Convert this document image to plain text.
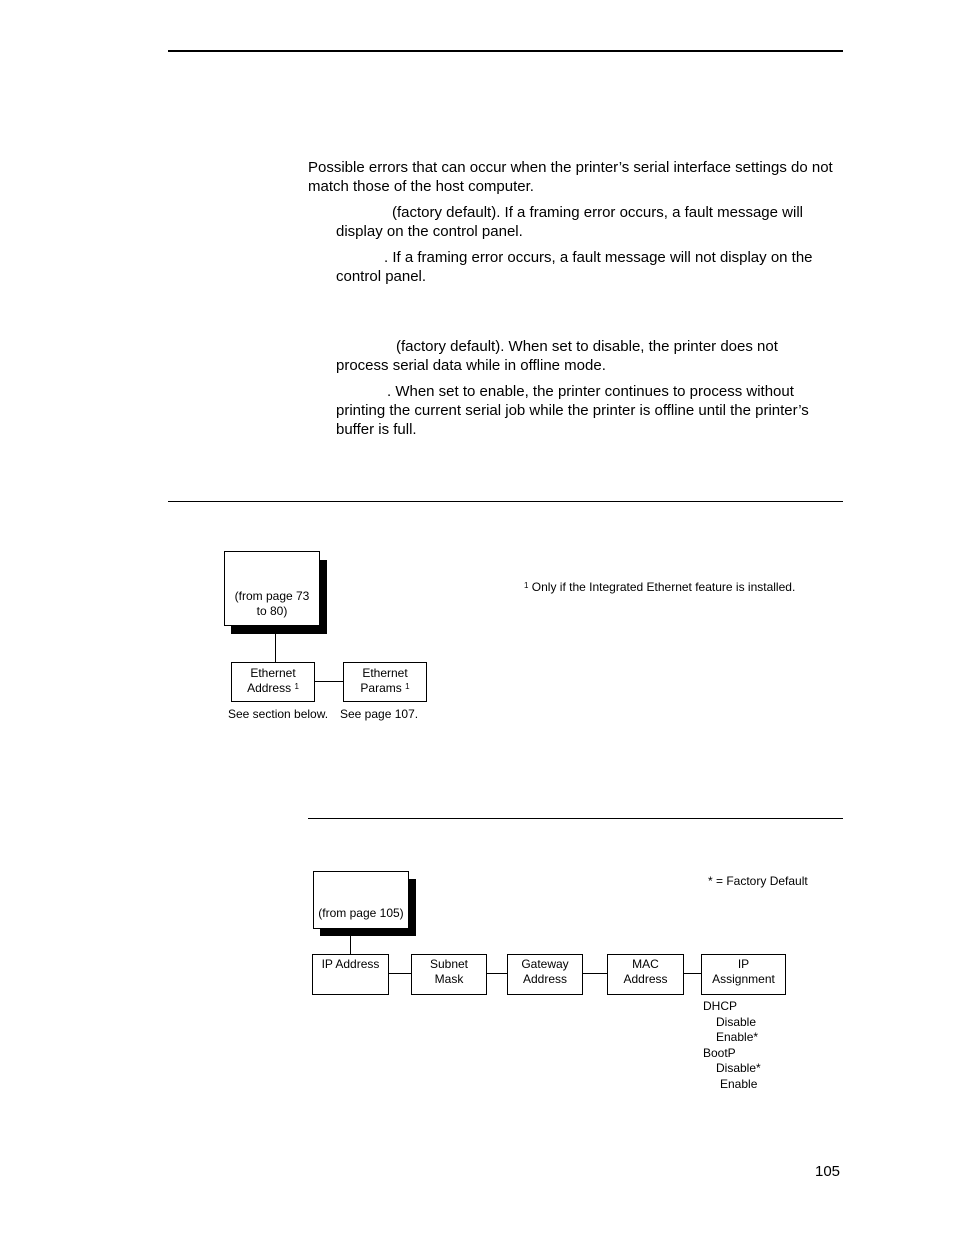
Possible errors that can occur when the printer’s serial interface settings do not match those of the host computer.
(factory default). If a framing error occurs, a fault message will display on the control panel.
. If a framing error occurs, a fault message will not display on the control panel.
(factory default). When set to disable, the printer does not process serial data while in offline mode.
. When set to enable, the printer continues to process without printing the current serial job while the printer is offline until the printer’s buffer is full.
(from page 73 to 80)
Ethernet
Address $^1$
Ethernet
Params $^1$
See section below. See page 107.
$^1$ Only if the Integrated Ethernet feature is installed.
* = Factory Default
(from page 105)
IP Address	Subnet
Mask
Gateway
Address
MAC
Address
IP
Assignment
DHCP
Disable
Enable*
BootP
Disable*
Enable
105
